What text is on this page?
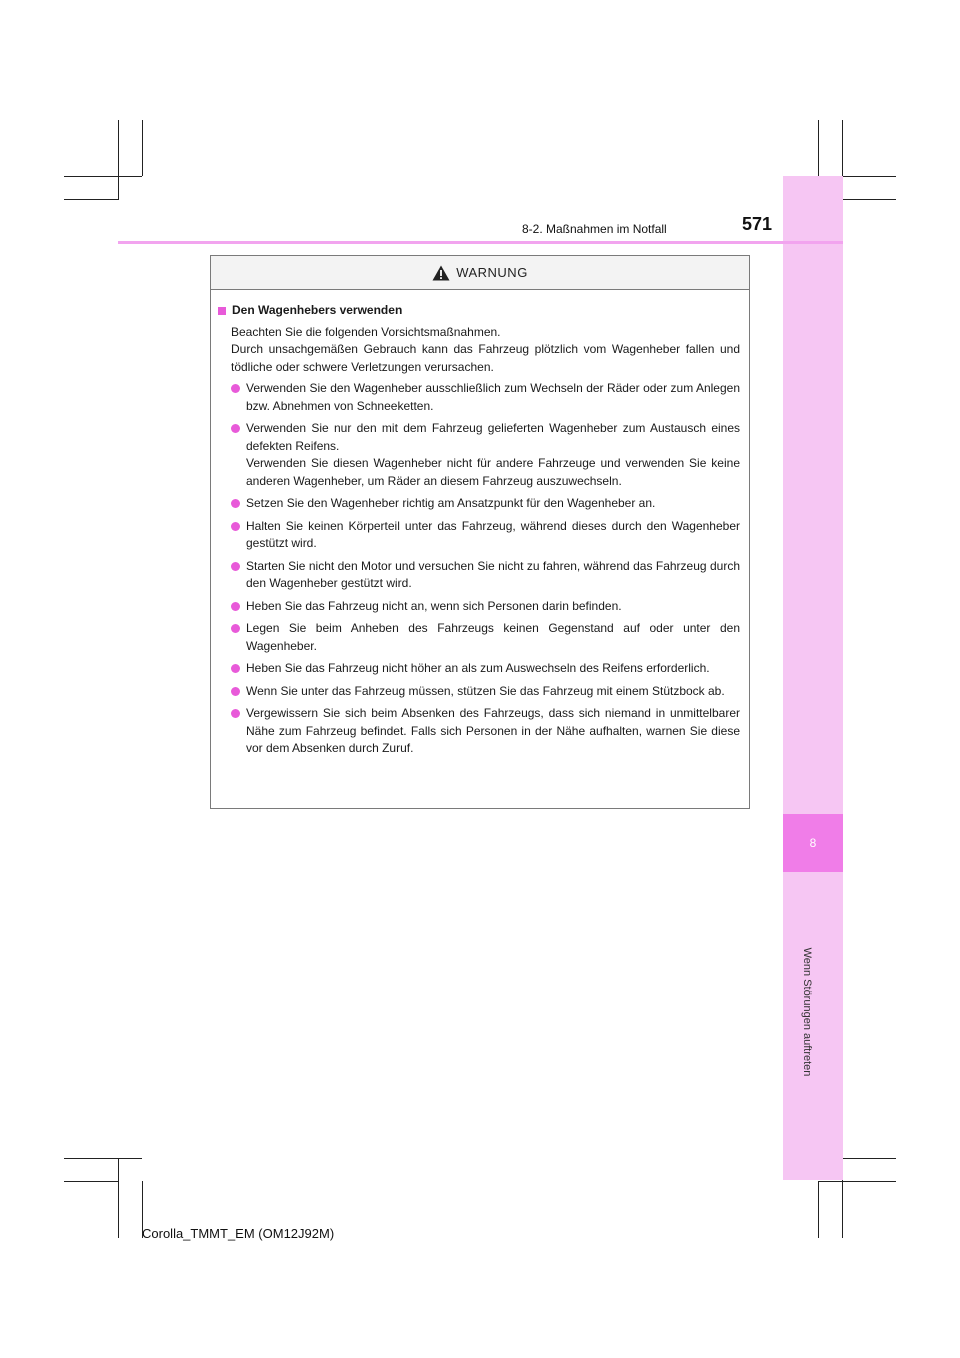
8
Wenn Störungen auftreten
8-2. Maßnahmen im Notfall	571
WARNUNG
Den Wagenhebers verwenden

Beachten Sie die folgenden Vorsichtsmaßnahmen.

Durch unsachgemäßen Gebrauch kann das Fahrzeug plötzlich vom Wagenheber fallen und tödliche oder schwere Verletzungen verursachen.

Verwenden Sie den Wagenheber ausschließlich zum Wechseln der Räder oder zum Anlegen bzw. Abnehmen von Schneeketten.

Verwenden Sie nur den mit dem Fahrzeug gelieferten Wagenheber zum Austausch eines defekten Reifens.

Verwenden Sie diesen Wagenheber nicht für andere Fahrzeuge und verwenden Sie keine anderen Wagenheber, um Räder an diesem Fahrzeug auszuwechseln.

Setzen Sie den Wagenheber richtig am Ansatzpunkt für den Wagenheber an.

Halten Sie keinen Körperteil unter das Fahrzeug, während dieses durch den Wagenheber gestützt wird.

Starten Sie nicht den Motor und versuchen Sie nicht zu fahren, während das Fahrzeug durch den Wagenheber gestützt wird.

Heben Sie das Fahrzeug nicht an, wenn sich Personen darin befinden.

Legen Sie beim Anheben des Fahrzeugs keinen Gegenstand auf oder unter den Wagenheber.

Heben Sie das Fahrzeug nicht höher an als zum Auswechseln des Reifens erforderlich.

Wenn Sie unter das Fahrzeug müssen, stützen Sie das Fahrzeug mit einem Stützbock ab.

Vergewissern Sie sich beim Absenken des Fahrzeugs, dass sich niemand in unmittelbarer Nähe zum Fahrzeug befindet. Falls sich Personen in der Nähe aufhalten, warnen Sie diese vor dem Absenken durch Zuruf.

Corolla_TMMT_EM (OM12J92M)
